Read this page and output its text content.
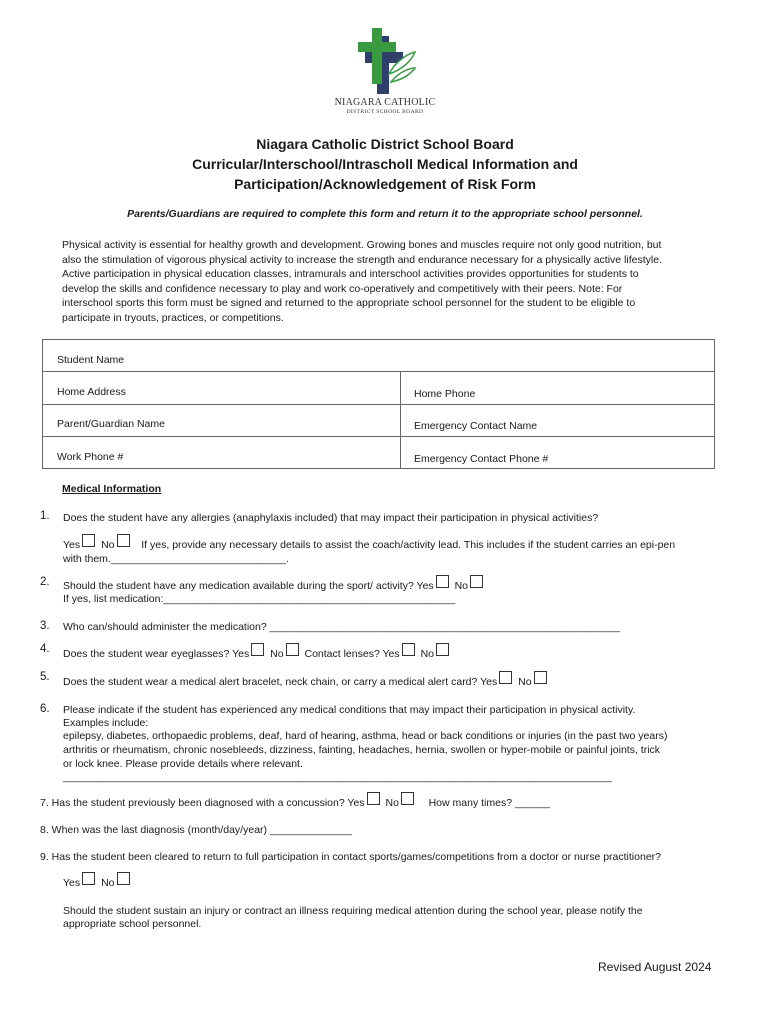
NIAGARA CATHOLIC
DISTRICT SCHOOL BOARD
Niagara Catholic District School Board
Curricular/Interschool/Intrascholl Medical Information and
Participation/Acknowledgement of Risk Form
Parents/Guardians are required to complete this form and return it to the appropriate school personnel.
Physical activity is essential for healthy growth and development. Growing bones and muscles require not only good nutrition, but
also the stimulation of vigorous physical activity to increase the strength and endurance necessary for a physically active lifestyle.
Active participation in physical education classes, intramurals and interschool activities provides opportunities for students to
develop the skills and confidence necessary to play and work co-operatively and competitively with their peers. Note: For
interschool sports this form must be signed and returned to the appropriate school personnel for the student to be eligible to
participate in tryouts, practices, or competitions.
Student Name
Home Address	Home Phone
Parent/Guardian Name	Emergency Contact Name
Work Phone #	Emergency Contact Phone #
Medical Information
1. Does the student have any allergies (anaphylaxis included) that may impact their participation in physical activities?
Yes No	If yes, provide any necessary details to assist the coach/activity lead. This includes if the student carries an epi-pen
with them.______________________________.
2. Should the student have any medication available during the sport/ activity? Yes No
If yes, list medication:__________________________________________________
3. Who can/should administer the medication? ____________________________________________________________
4. Does the student wear eyeglasses? Yes No Contact lenses? Yes No
5. Does the student wear a medical alert bracelet, neck chain, or carry a medical alert card? Yes No
6. Please indicate if the student has experienced any medical conditions that may impact their participation in physical activity.
Examples include:
epilepsy, diabetes, orthopaedic problems, deaf, hard of hearing, asthma, head or back conditions or injuries (in the past two years)
arthritis or rheumatism, chronic nosebleeds, dizziness, fainting, headaches, hernia, swollen or hyper-mobile or painful joints, trick
or lock knee. Please provide details where relevant.
______________________________________________________________________________________________
7. Has the student previously been diagnosed with a concussion? Yes No	How many times? ______
8. When was the last diagnosis (month/day/year) ______________
9. Has the student been cleared to return to full participation in contact sports/games/competitions from a doctor or nurse practitioner?
Yes No
Should the student sustain an injury or contract an illness requiring medical attention during the school year, please notify the
appropriate school personnel.
Revised August 2024
